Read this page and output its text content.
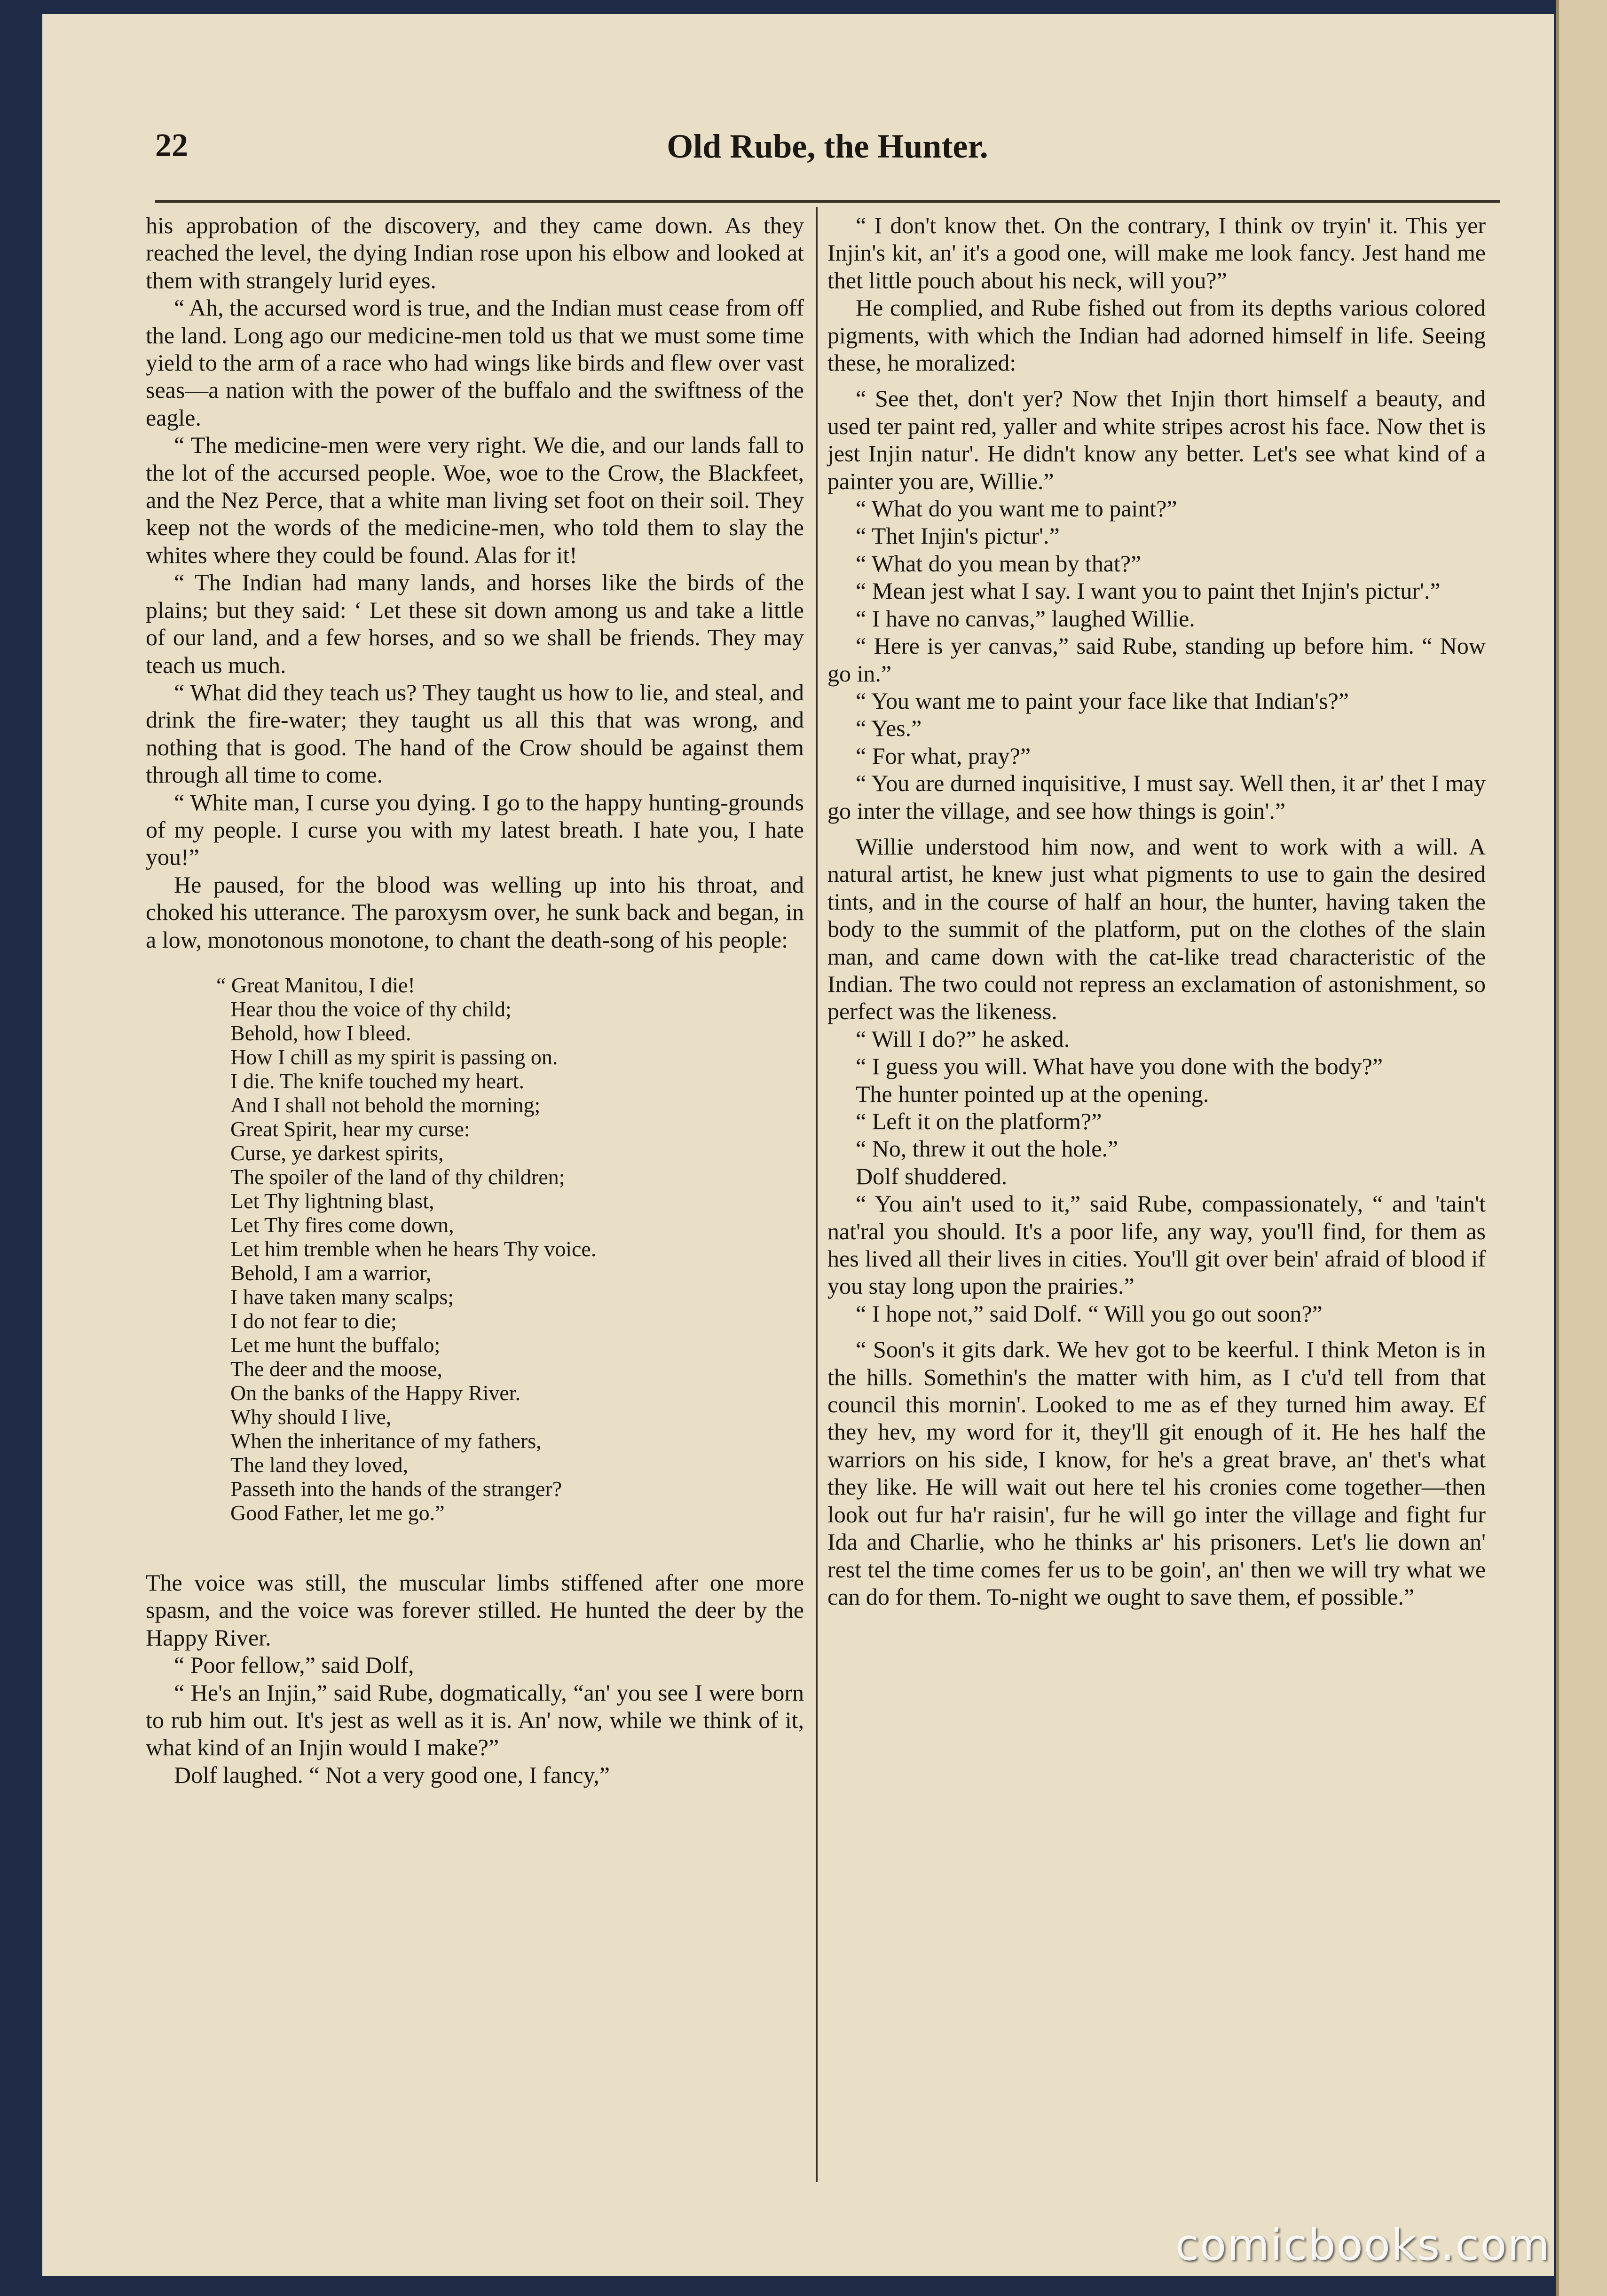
22	Old Rube, the Hunter.

his approbation of the discovery, and they came down. As they reached the level, the dying Indian rose upon his elbow and looked at them with strangely lurid eyes.

“ Ah, the accursed word is true, and the Indian must cease from off the land. Long ago our medicine-men told us that we must some time yield to the arm of a race who had wings like birds and flew over vast seas—a nation with the power of the buffalo and the swiftness of the eagle.

“ The medicine-men were very right. We die, and our lands fall to the lot of the accursed people. Woe, woe to the Crow, the Blackfeet, and the Nez Perce, that a white man living set foot on their soil. They keep not the words of the medicine-men, who told them to slay the whites where they could be found. Alas for it!

“ The Indian had many lands, and horses like the birds of the plains; but they said: ‘ Let these sit down among us and take a little of our land, and a few horses, and so we shall be friends. They may teach us much.

“ What did they teach us? They taught us how to lie, and steal, and drink the fire-water; they taught us all this that was wrong, and nothing that is good. The hand of the Crow should be against them through all time to come.

“ White man, I curse you dying. I go to the happy hunting-grounds of my people. I curse you with my latest breath. I hate you, I hate you!”

He paused, for the blood was welling up into his throat, and choked his utterance. The paroxysm over, he sunk back and began, in a low, monotonous monotone, to chant the death-song of his people:

“ Great Manitou, I die!
Hear thou the voice of thy child;
Behold, how I bleed.
How I chill as my spirit is passing on.
I die. The knife touched my heart.
And I shall not behold the morning;
Great Spirit, hear my curse:
Curse, ye darkest spirits,
The spoiler of the land of thy children;
Let Thy lightning blast,
Let Thy fires come down,
Let him tremble when he hears Thy voice.
Behold, I am a warrior,
I have taken many scalps;
I do not fear to die;
Let me hunt the buffalo;
The deer and the moose,
On the banks of the Happy River.
Why should I live,
When the inheritance of my fathers,
The land they loved,
Passeth into the hands of the stranger?
Good Father, let me go.”

The voice was still, the muscular limbs stiffened after one more spasm, and the voice was forever stilled. He hunted the deer by the Happy River.

“ Poor fellow,” said Dolf,

“ He's an Injin,” said Rube, dogmatically, “an' you see I were born to rub him out. It's jest as well as it is. An' now, while we think of it, what kind of an Injin would I make?”

Dolf laughed. “ Not a very good one, I fancy,”

“ I don't know thet. On the contrary, I think ov tryin' it. This yer Injin's kit, an' it's a good one, will make me look fancy. Jest hand me thet little pouch about his neck, will you?”

He complied, and Rube fished out from its depths various colored pigments, with which the Indian had adorned himself in life. Seeing these, he moralized:

“ See thet, don't yer? Now thet Injin thort himself a beauty, and used ter paint red, yaller and white stripes acrost his face. Now thet is jest Injin natur'. He didn't know any better. Let's see what kind of a painter you are, Willie.”

“ What do you want me to paint?”

“ Thet Injin's pictur'.”

“ What do you mean by that?”

“ Mean jest what I say. I want you to paint thet Injin's pictur'.”

“ I have no canvas,” laughed Willie.

“ Here is yer canvas,” said Rube, standing up before him. “ Now go in.”

“ You want me to paint your face like that Indian's?”

“ Yes.”

“ For what, pray?”

“ You are durned inquisitive, I must say. Well then, it ar' thet I may go inter the village, and see how things is goin'.”

Willie understood him now, and went to work with a will. A natural artist, he knew just what pigments to use to gain the desired tints, and in the course of half an hour, the hunter, having taken the body to the summit of the platform, put on the clothes of the slain man, and came down with the cat-like tread characteristic of the Indian. The two could not repress an exclamation of astonishment, so perfect was the likeness.

“ Will I do?” he asked.

“ I guess you will. What have you done with the body?”

The hunter pointed up at the opening.

“ Left it on the platform?”

“ No, threw it out the hole.”

Dolf shuddered.

“ You ain't used to it,” said Rube, compassionately, “ and 'tain't nat'ral you should. It's a poor life, any way, you'll find, for them as hes lived all their lives in cities. You'll git over bein' afraid of blood if you stay long upon the prairies.”

“ I hope not,” said Dolf. “ Will you go out soon?”

“ Soon's it gits dark. We hev got to be keerful. I think Meton is in the hills. Somethin's the matter with him, as I c'u'd tell from that council this mornin'. Looked to me as ef they turned him away. Ef they hev, my word for it, they'll git enough of it. He hes half the warriors on his side, I know, for he's a great brave, an' thet's what they like. He will wait out here tel his cronies come together—then look out fur ha'r raisin', fur he will go inter the village and fight fur Ida and Charlie, who he thinks ar' his prisoners. Let's lie down an' rest tel the time comes fer us to be goin', an' then we will try what we can do for them. To-night we ought to save them, ef possible.”

comicbooks.com
